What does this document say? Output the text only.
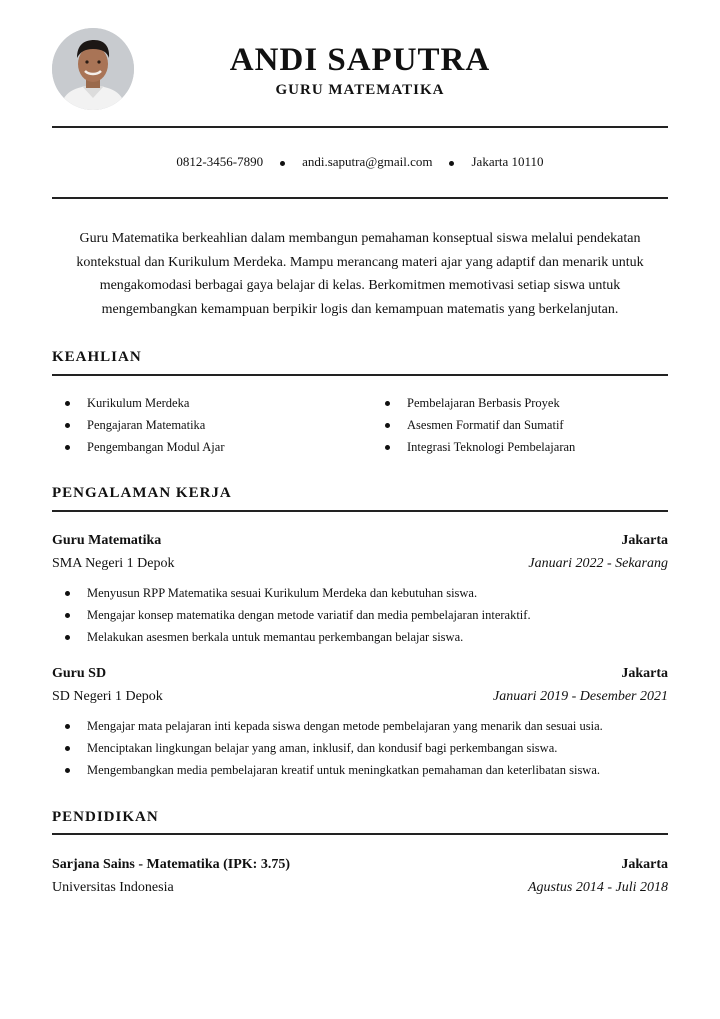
ANDI SAPUTRA
GURU MATEMATIKA
0812-3456-7890	andi.saputra@gmail.com	Jakarta 10110
Guru Matematika berkeahlian dalam membangun pemahaman konseptual siswa melalui pendekatan kontekstual dan Kurikulum Merdeka. Mampu merancang materi ajar yang adaptif dan menarik untuk mengakomodasi berbagai gaya belajar di kelas. Berkomitmen memotivasi setiap siswa untuk mengembangkan kemampuan berpikir logis dan kemampuan matematis yang berkelanjutan.
KEAHLIAN
Kurikulum Merdeka
Pengajaran Matematika
Pengembangan Modul Ajar
Pembelajaran Berbasis Proyek
Asesmen Formatif dan Sumatif
Integrasi Teknologi Pembelajaran
PENGALAMAN KERJA
Guru Matematika	Jakarta
SMA Negeri 1 Depok	Januari 2022 - Sekarang
Menyusun RPP Matematika sesuai Kurikulum Merdeka dan kebutuhan siswa.
Mengajar konsep matematika dengan metode variatif dan media pembelajaran interaktif.
Melakukan asesmen berkala untuk memantau perkembangan belajar siswa.
Guru SD	Jakarta
SD Negeri 1 Depok	Januari 2019 - Desember 2021
Mengajar mata pelajaran inti kepada siswa dengan metode pembelajaran yang menarik dan sesuai usia.
Menciptakan lingkungan belajar yang aman, inklusif, dan kondusif bagi perkembangan siswa.
Mengembangkan media pembelajaran kreatif untuk meningkatkan pemahaman dan keterlibatan siswa.
PENDIDIKAN
Sarjana Sains - Matematika (IPK: 3.75)	Jakarta
Universitas Indonesia	Agustus 2014 - Juli 2018
